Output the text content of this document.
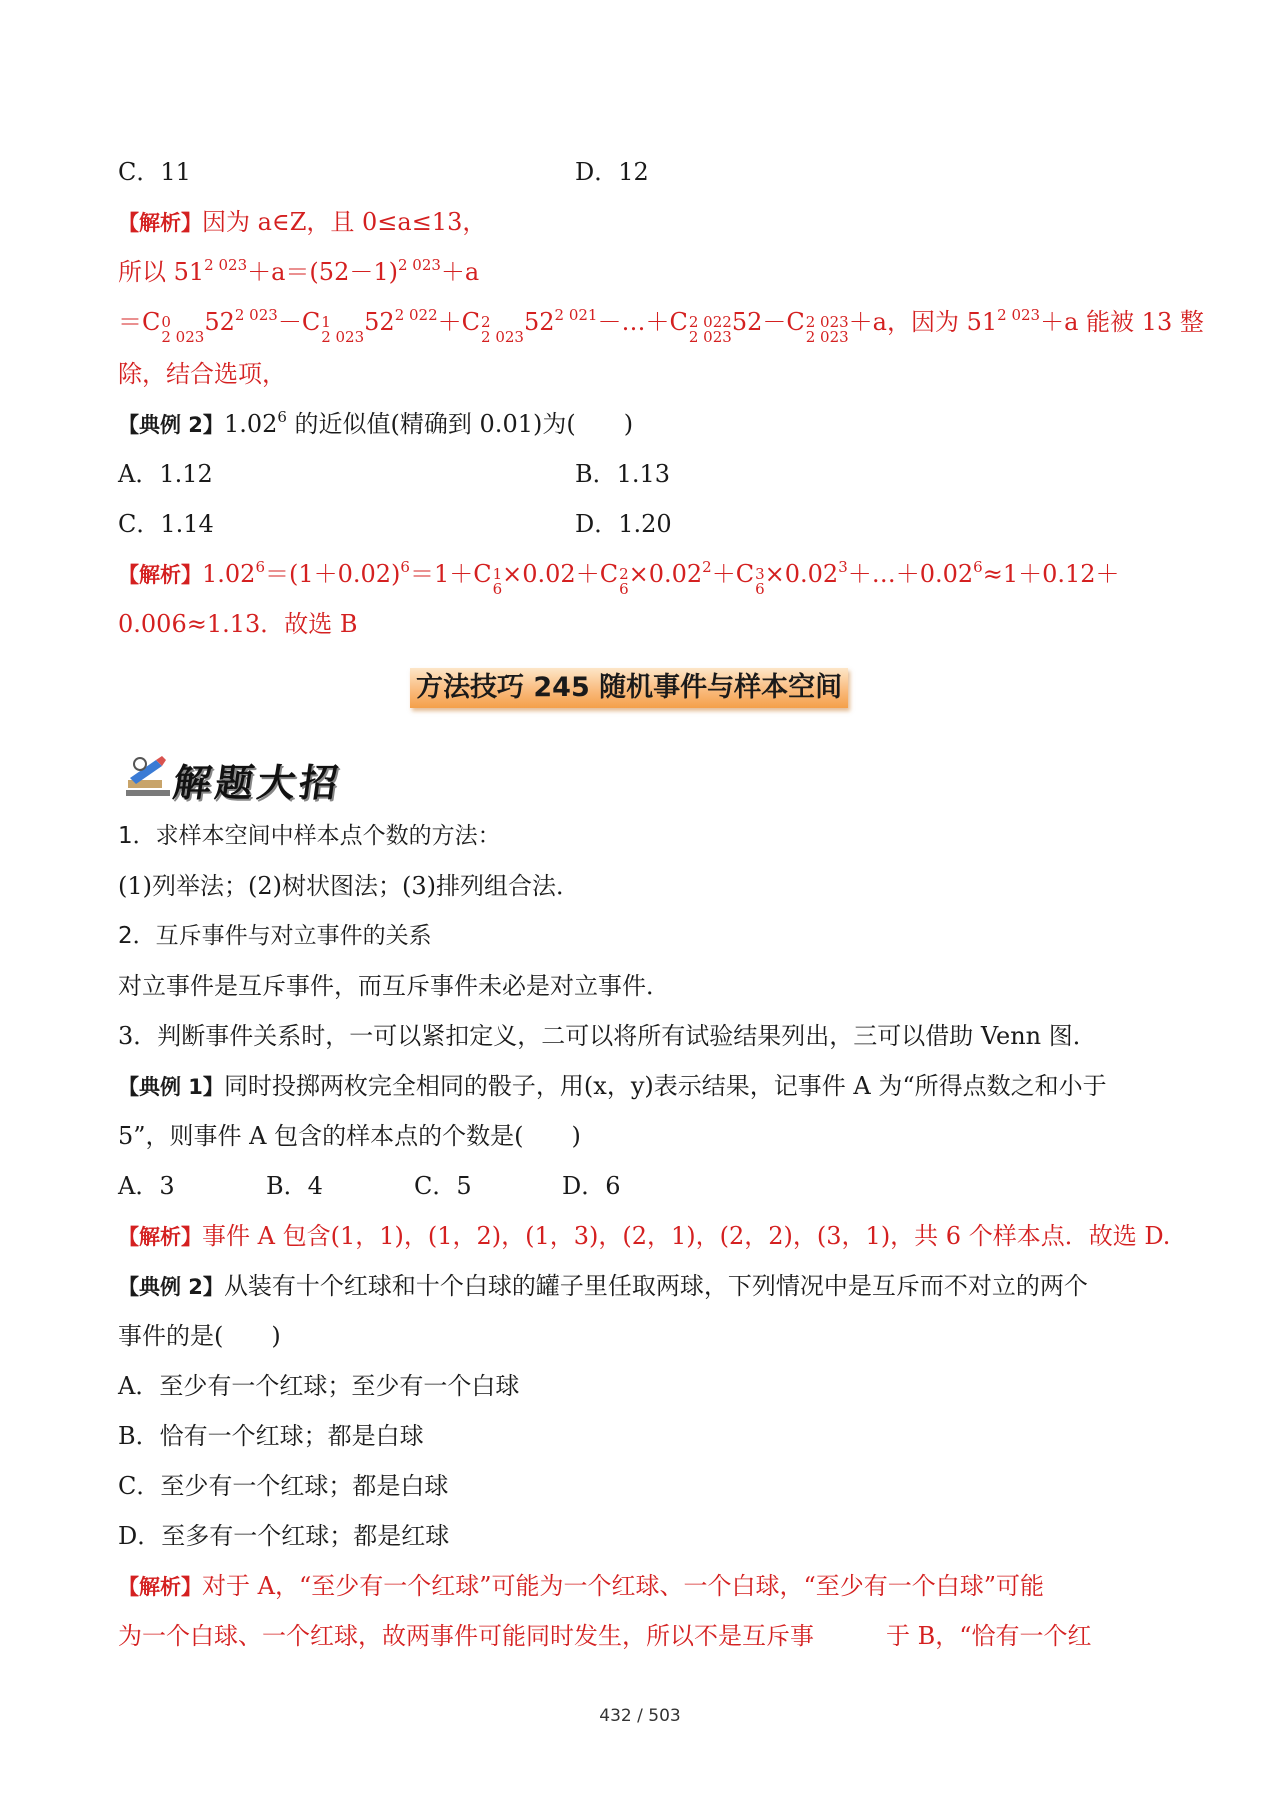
C．11	D．12
【解析】因为 a∈Z，且 0≤a≤13，
所以 $51^{2 023}+a=(52-1)^{2 023}+a$
＝C 0
2 023
$52^{2 023}-C$ 1
2 023
$52^{2 022}+C$ 2
2 023
$52^{2 021}-\dots+C$ 2 022
2 023
52－C 2 023
2 023
＋a，因为 $51^{2 023}+a$ 能被 13 整
除，结合选项，
【典例 2】1.02$^6$ 的近似值(精确到 0.01)为(　　)
A．1.12	B．1.13
C．1.14	D．1.20
【解析】$1.02^6=(1+0.02)^6=1+C$ 1
6
×0.02＋C 2
6
$\times 0.02^2+C$ 3
6
$\times 0.02^3+\dots+0.02^6\approx 1+0.12+$
0.006≈1.13．故选 B
方法技巧 245 随机事件与样本空间
解题大招
1．求样本空间中样本点个数的方法：
(1)列举法；(2)树状图法；(3)排列组合法．
2．互斥事件与对立事件的关系
对立事件是互斥事件，而互斥事件未必是对立事件．
3．判断事件关系时，一可以紧扣定义，二可以将所有试验结果列出，三可以借助 Venn 图．
【典例 1】同时投掷两枚完全相同的骰子，用(x，y)表示结果，记事件 A 为“所得点数之和小于
5”，则事件 A 包含的样本点的个数是(　　)
A．3	B．4	C．5	D．6
【解析】事件 A 包含(1，1)，(1，2)，(1，3)，(2，1)，(2，2)，(3，1)，共 6 个样本点．故选 D.
【典例 2】从装有十个红球和十个白球的罐子里任取两球，下列情况中是互斥而不对立的两个
事件的是(　　)
A．至少有一个红球；至少有一个白球
B．恰有一个红球；都是白球
C．至少有一个红球；都是白球
D．至多有一个红球；都是红球
【解析】对于 A，“至少有一个红球”可能为一个红球、一个白球，“至少有一个白球”可能
为一个白球、一个红球，故两事件可能同时发生，所以不是互斥事	于 B，“恰有一个红
432 / 503
